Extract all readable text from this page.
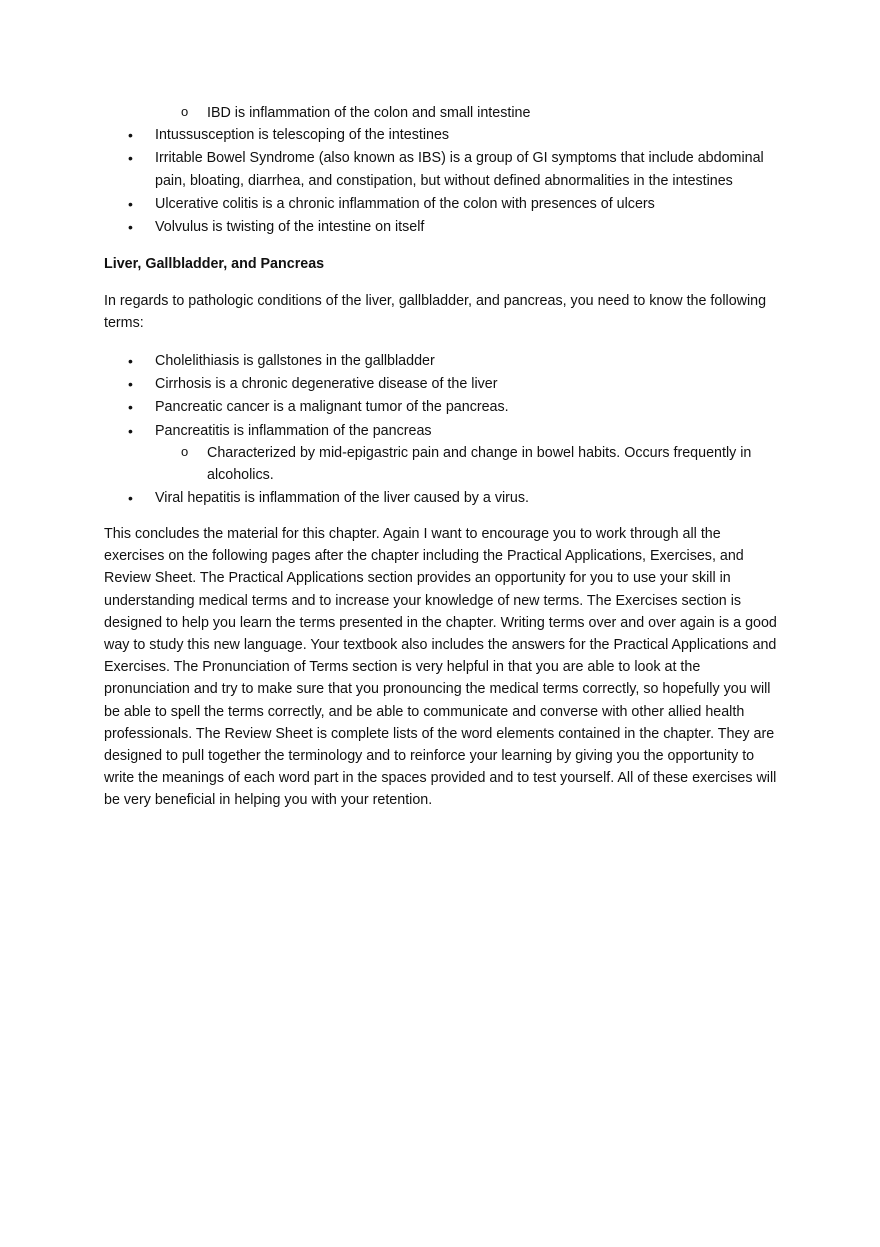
o IBD is inflammation of the colon and small intestine
• Intussusception is telescoping of the intestines
• Irritable Bowel Syndrome (also known as IBS) is a group of GI symptoms that include abdominal pain, bloating, diarrhea, and constipation, but without defined abnormalities in the intestines
• Ulcerative colitis is a chronic inflammation of the colon with presences of ulcers
• Volvulus is twisting of the intestine on itself
Liver, Gallbladder, and Pancreas

In regards to pathologic conditions of the liver, gallbladder, and pancreas, you need to know the following terms:

• Cholelithiasis is gallstones in the gallbladder
• Cirrhosis is a chronic degenerative disease of the liver
• Pancreatic cancer is a malignant tumor of the pancreas.
• Pancreatitis is inflammation of the pancreas
o Characterized by mid-epigastric pain and change in bowel habits. Occurs frequently in alcoholics.
• Viral hepatitis is inflammation of the liver caused by a virus.

This concludes the material for this chapter. Again I want to encourage you to work through all the exercises on the following pages after the chapter including the Practical Applications, Exercises, and Review Sheet. The Practical Applications section provides an opportunity for you to use your skill in understanding medical terms and to increase your knowledge of new terms. The Exercises section is designed to help you learn the terms presented in the chapter. Writing terms over and over again is a good way to study this new language. Your textbook also includes the answers for the Practical Applications and Exercises. The Pronunciation of Terms section is very helpful in that you are able to look at the pronunciation and try to make sure that you pronouncing the medical terms correctly, so hopefully you will be able to spell the terms correctly, and be able to communicate and converse with other allied health professionals. The Review Sheet is complete lists of the word elements contained in the chapter. They are designed to pull together the terminology and to reinforce your learning by giving you the opportunity to write the meanings of each word part in the spaces provided and to test yourself. All of these exercises will be very beneficial in helping you with your retention.
